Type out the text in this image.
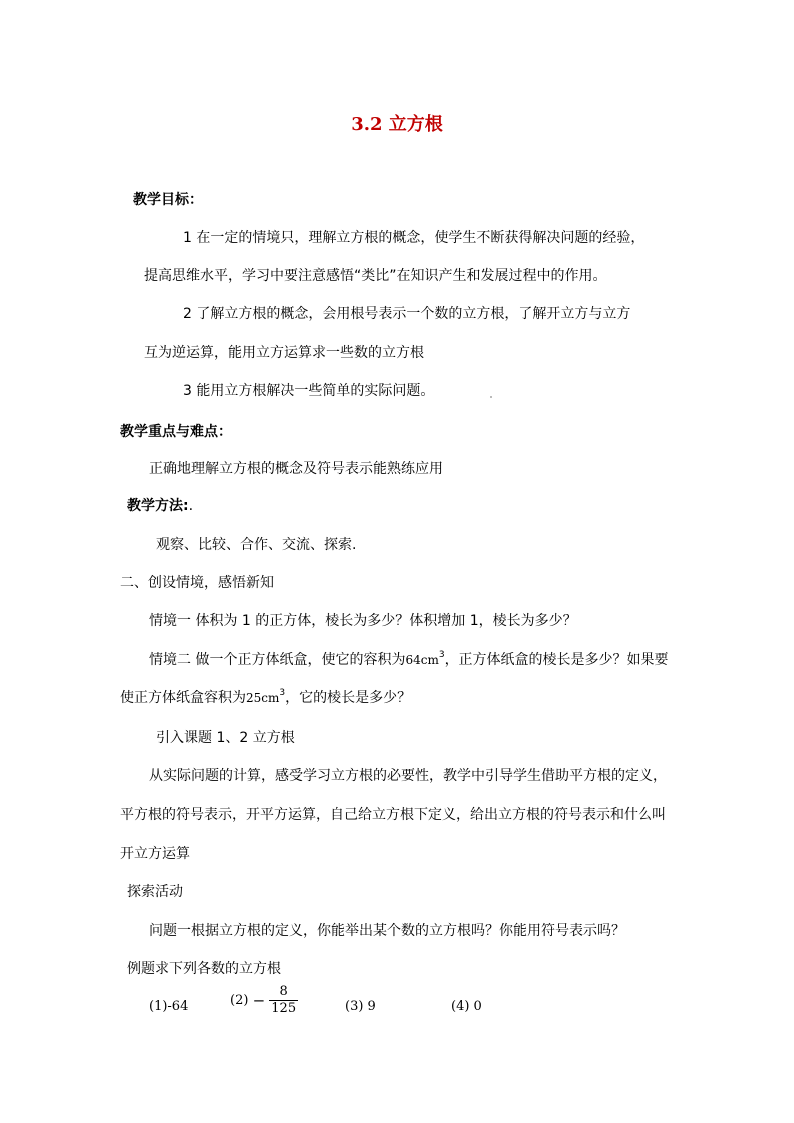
3.2 立方根
教学目标：
1 在一定的情境只，理解立方根的概念，使学生不断获得解决问题的经验，
提高思维水平，学习中要注意感悟“类比”在知识产生和发展过程中的作用。
2 了解立方根的概念，会用根号表示一个数的立方根，了解开立方与立方
互为逆运算，能用立方运算求一些数的立方根
3 能用立方根解决一些简单的实际问题。
教学重点与难点：
正确地理解立方根的概念及符号表示能熟练应用
教学方法:.
观察、比较、合作、交流、探索.
二、创设情境，感悟新知
情境一 体积为 1 的正方体，棱长为多少？体积增加 1，棱长为多少？
情境二 做一个正方体纸盒，使它的容积为$64cm^3$，正方体纸盒的棱长是多少？如果要
使正方体纸盒容积为$25cm^3$，它的棱长是多少？
引入课题 1、2 立方根
从实际问题的计算，感受学习立方根的必要性，教学中引导学生借助平方根的定义，
平方根的符号表示，开平方运算，自己给立方根下定义，给出立方根的符号表示和什么叫
开立方运算
探索活动
问题一根据立方根的定义，你能举出某个数的立方根吗？你能用符号表示吗？
例题求下列各数的立方根
(1)-64	$(2) - \frac{8}{125}$	(3) 9	(4) 0
